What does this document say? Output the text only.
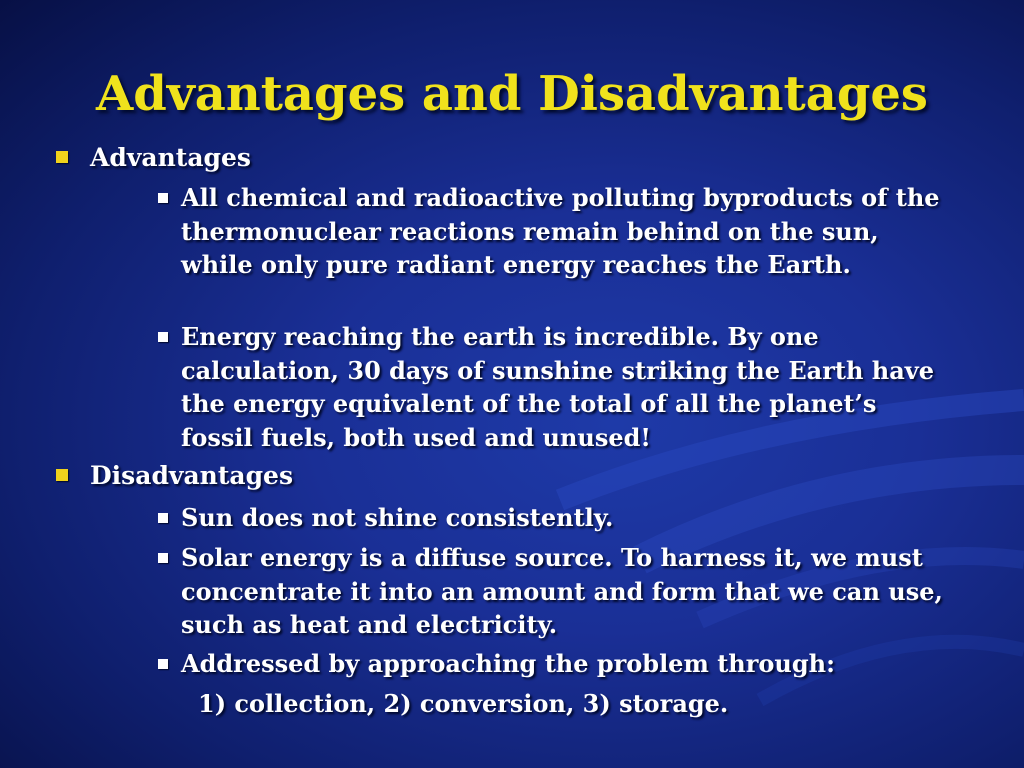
Advantages and Disadvantages
Advantages
All chemical and radioactive polluting byproducts of the thermonuclear reactions remain behind on the sun, while only pure radiant energy reaches the Earth.
Energy reaching the earth is incredible. By one calculation, 30 days of sunshine striking the Earth have the energy equivalent of the total of all the planet’s fossil fuels, both used and unused!
Disadvantages
Sun does not shine consistently.
Solar energy is a diffuse source. To harness it, we must concentrate it into an amount and form that we can use, such as heat and electricity.
Addressed by approaching the problem through:
1) collection, 2) conversion, 3) storage.
